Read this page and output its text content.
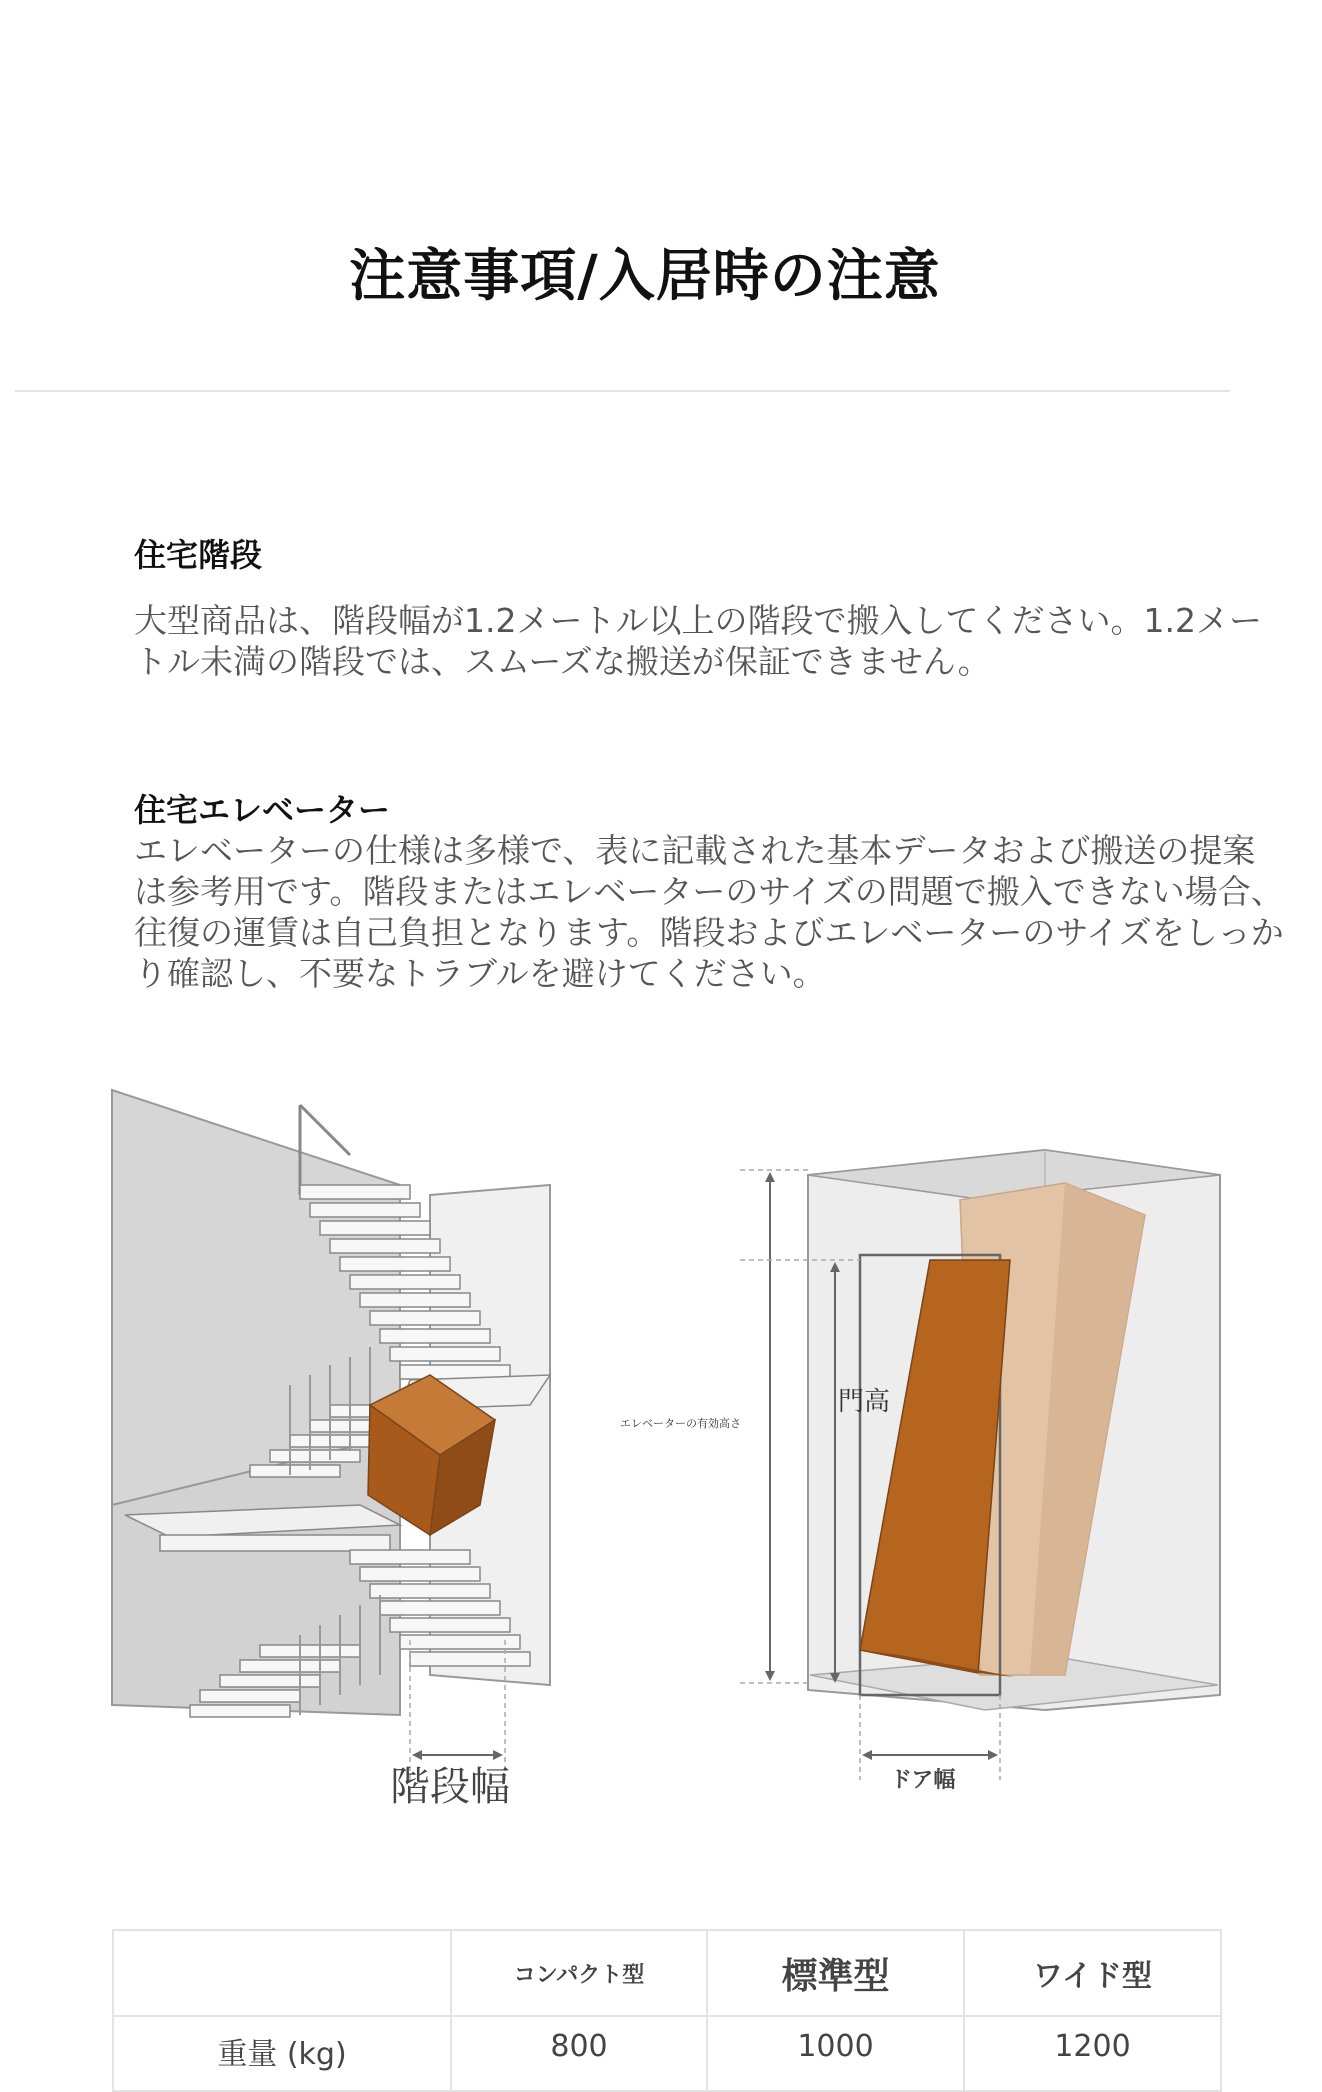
注意事項/入居時の注意
住宅階段
大型商品は、階段幅が1.2メートル以上の階段で搬入してください。1.2メートル未満の階段では、スムーズな搬送が保証できません。
住宅エレベーター
エレベーターの仕様は多様で、表に記載された基本データおよび搬送の提案は参考用です。階段またはエレベーターのサイズの問題で搬入できない場合、往復の運賃は自己負担となります。階段およびエレベーターのサイズをしっかり確認し、不要なトラブルを避けてください。
門高
エレベーターの有効高さ
階段幅	ドア幅
	コンパクト型	標準型	ワイド型
重量 (kg)	800	1000	1200
